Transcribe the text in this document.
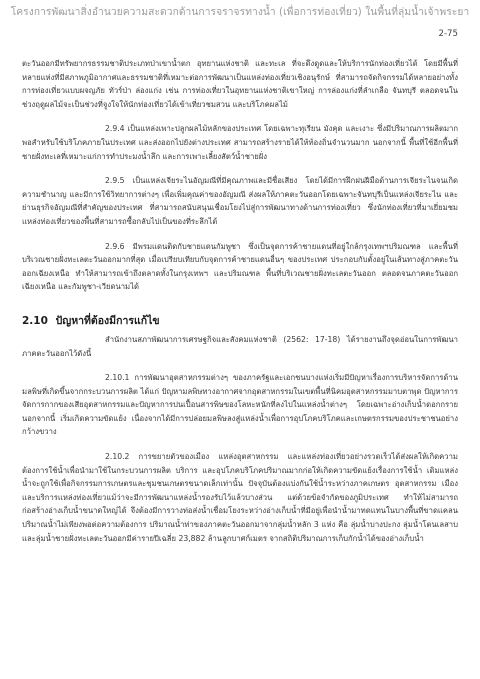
โครงการพัฒนาสิ่งอำนวยความสะดวกด้านการจราจรทางน้ำ (เพื่อการท่องเที่ยว) ในพื้นที่ลุ่มน้ำเจ้าพระยา
2-75

ตะวันออกมีทรัพยากรธรรมชาติประเภทป่าเขาน้ำตก อุทยานแห่งชาติ และทะเล ที่จะดึงดูดและให้บริการนักท่องเที่ยวได้ โดยมีพื้นที่หลายแห่งที่มีสภาพภูมิอากาศและธรรมชาติที่เหมาะต่อการพัฒนาเป็นแหล่งท่องเที่ยวเชิงอนุรักษ์ ที่สามารถจัดกิจกรรมได้หลายอย่างทั้งการท่องเที่ยวแบบผจญภัย ทัวร์ป่า ล่องแก่ง เช่น การท่องเที่ยวในอุทยานแห่งชาติเขาใหญ่ การล่องแก่งที่ลำเกลือ จันทบุรี ตลอดจนในช่วงฤดูผลไม้จะเป็นช่วงที่จูงใจให้นักท่องเที่ยวได้เข้าเที่ยวชมสวน และบริโภคผลไม้

2.9.4 เป็นแหล่งเพาะปลูกผลไม้หลักของประเทศ โดยเฉพาะทุเรียน มังคุด และเงาะ ซึ่งมีปริมาณการผลิตมากพอสำหรับใช้บริโภคภายในประเทศ และส่งออกไปยังต่างประเทศ สามารถสร้างรายได้ให้ท้องถิ่นจำนวนมาก นอกจากนี้ พื้นที่ใช้อีกพื้นที่ชายฝั่งทะเลที่เหมาะแก่การทำประมงน้ำลึก และการเพาะเลี้ยงสัตว์น้ำชายฝั่ง

2.9.5 เป็นแหล่งเจียระไนอัญมณีที่มีคุณภาพและมีชื่อเสียง โดยได้มีการฝึกฝนฝีมือด้านการเจียระไนจนเกิดความชำนาญ และมีการใช้วิทยาการต่างๆ เพื่อเพิ่มคุณค่าของอัญมณี ส่งผลให้ภาคตะวันออกโดยเฉพาะจันทบุรีเป็นแหล่งเจียระไน และย่านธุรกิจอัญมณีที่สำคัญของประเทศ ที่สามารถสนับสนุนเชื่อมโยงไปสู่การพัฒนาทางด้านการท่องเที่ยว ซึ่งนักท่องเที่ยวที่มาเยี่ยมชมแหล่งท่องเที่ยวของพื้นที่สามารถซื้อกลับไปเป็นของที่ระลึกได้

2.9.6 มีพรมแดนติดกับชายแดนกัมพูชา ซึ่งเป็นจุดการค้าชายแดนที่อยู่ใกล้กรุงเทพฯปริมณฑล และพื้นที่บริเวณชายฝั่งทะเลตะวันออกมากที่สุด เมื่อเปรียบเทียบกับจุดการค้าชายแดนอื่นๆ ของประเทศ ประกอบกับตั้งอยู่ในเส้นทางสู่ภาคตะวันออกเฉียงเหนือ ทำให้สามารถเข้าถึงตลาดทั้งในกรุงเทพฯ และปริมณฑล พื้นที่บริเวณชายฝั่งทะเลตะวันออก ตลอดจนภาคตะวันออกเฉียงเหนือ และกัมพูชา-เวียดนามได้

2.10 ปัญหาที่ต้องมีการแก้ไข

สำนักงานสภาพัฒนาการเศรษฐกิจและสังคมแห่งชาติ (2562: 17-18) ได้รายงานถึงจุดอ่อนในการพัฒนาภาคตะวันออกไว้ดังนี้

2.10.1 การพัฒนาอุตสาหกรรมต่างๆ ของภาครัฐและเอกชนบางแห่งเริ่มมีปัญหาเรื่องการบริหารจัดการด้านมลพิษที่เกิดขึ้นจากกระบวนการผลิต ได้แก่ ปัญหามลพิษทางอากาศจากอุตสาหกรรมในเขตพื้นที่นิคมอุตสาหกรรมมาบตาพุด ปัญหาการจัดการกากของเสียอุตสาหกรรมและปัญหาการปนเปื้อนสารพิษของโลหะหนักที่ลงไปในแหล่งน้ำต่างๆ โดยเฉพาะอ่างเก็บน้ำดอกกราย นอกจากนี้ เริ่มเกิดความขัดแย้ง เนื่องจากได้มีการปล่อยมลพิษลงสู่แหล่งน้ำเพื่อการอุปโภคบริโภคและเกษตรกรรมของประชาชนอย่างกว้างขวาง

2.10.2 การขยายตัวของเมือง แหล่งอุตสาหกรรม และแหล่งท่องเที่ยวอย่างรวดเร็วได้ส่งผลให้เกิดความต้องการใช้น้ำเพื่อนำมาใช้ในกระบวนการผลิต บริการ และอุปโภคบริโภคปริมาณมากก่อให้เกิดความขัดแย้งเรื่องการใช้น้ำ เดิมแหล่งน้ำจะถูกใช้เพื่อกิจกรรมการเกษตรและชุมชนเกษตรขนาดเล็กเท่านั้น ปัจจุบันต้องแบ่งกันใช้น้ำระหว่างภาคเกษตร อุตสาหกรรม เมืองและบริการแหล่งท่องเที่ยวแม้ว่าจะมีการพัฒนาแหล่งน้ำรองรับไว้แล้วบางส่วน แต่ด้วยข้อจำกัดของภูมิประเทศ ทำให้ไม่สามารถก่อสร้างอ่างเก็บน้ำขนาดใหญ่ได้ จึงต้องมีการวางท่อส่งน้ำเชื่อมโยงระหว่างอ่างเก็บน้ำที่มีอยู่เพื่อนำน้ำมาทดแทนในบางพื้นที่ขาดแคลนปริมาณน้ำไม่เพียงพอต่อความต้องการ ปริมาณน้ำท่าของภาคตะวันออกมาจากลุ่มน้ำหลัก 3 แห่ง คือ ลุ่มน้ำบางปะกง ลุ่มน้ำโตนเลสาบ และลุ่มน้ำชายฝั่งทะเลตะวันออกมีค่ารายปีเฉลี่ย 23,882 ล้านลูกบาศก์เมตร จากสถิติปริมาณการเก็บกักน้ำได้ของอ่างเก็บน้ำ
